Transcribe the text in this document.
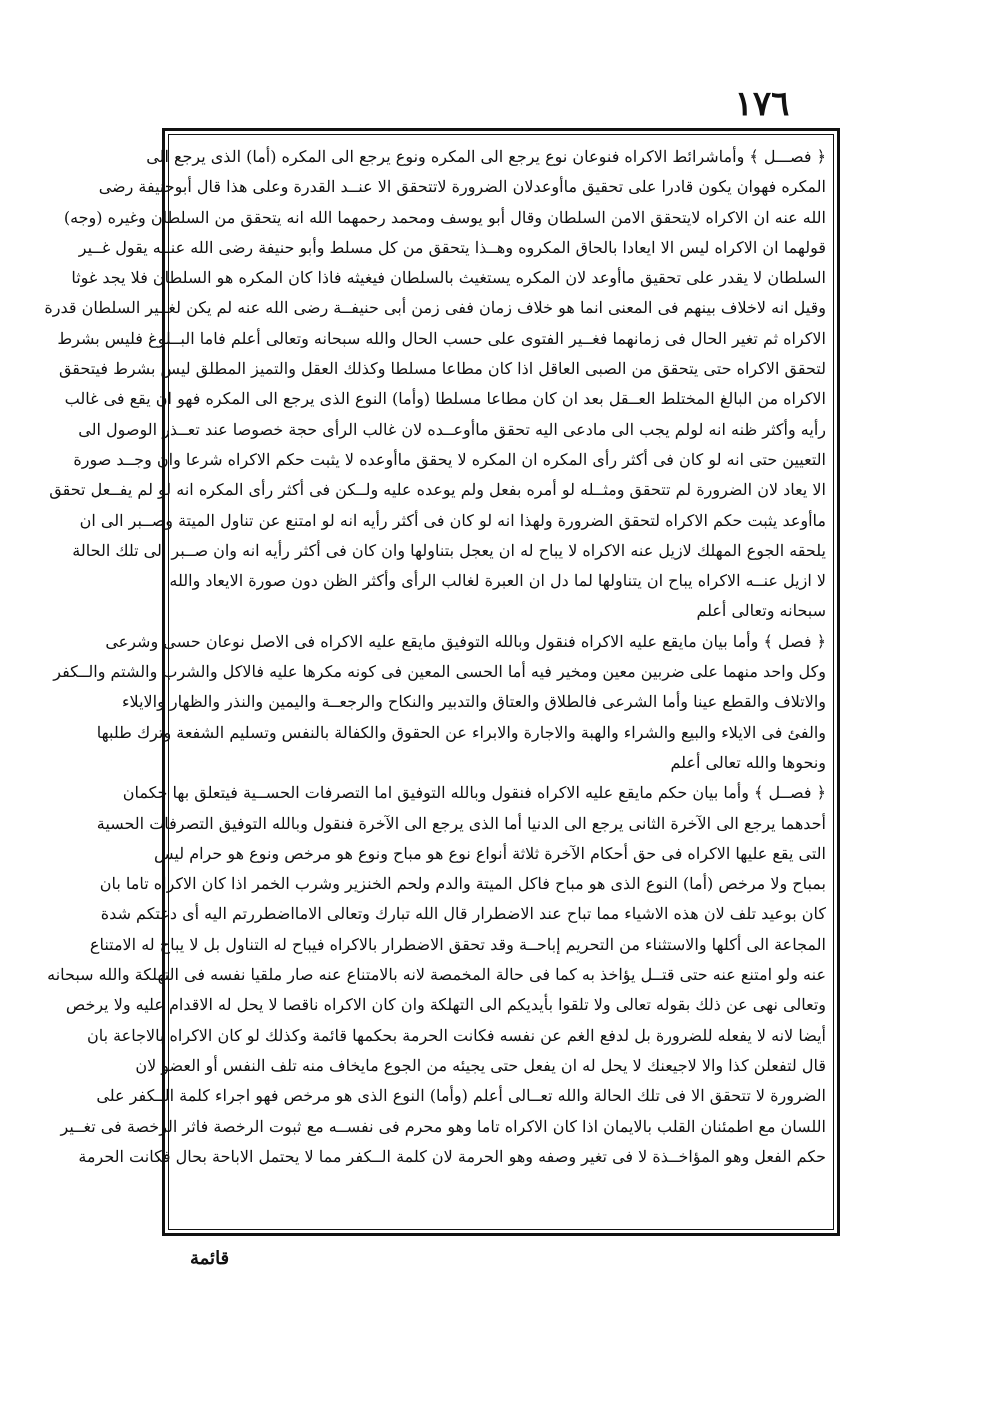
١٧٦
﴿ فصـــل ﴾ وأماشرائط الاكراه فنوعان نوع يرجع الى المكره ونوع يرجع الى المكره (أما) الذى يرجع الى
المكره فهوان يكون قادرا على تحقيق ماأوعدلان الضرورة لاتتحقق الا عنــد القدرة وعلى هذا قال أبوحنيفة رضى
الله عنه ان الاكراه لايتحقق الامن السلطان وقال أبو يوسف ومحمد رحمهما الله انه يتحقق من السلطان وغيره (وجه)
قولهما ان الاكراه ليس الا ايعادا بالحاق المكروه وهــذا يتحقق من كل مسلط وأبو حنيفة رضى الله عنــه يقول غــير
السلطان لا يقدر على تحقيق ماأوعد لان المكره يستغيث بالسلطان فيغيثه فاذا كان المكره هو السلطان فلا يجد غوثا
وقيل انه لاخلاف بينهم فى المعنى انما هو خلاف زمان ففى زمن أبى حنيفــة رضى الله عنه لم يكن لغــير السلطان قدرة
الاكراه ثم تغير الحال فى زمانهما فغــير الفتوى على حسب الحال والله سبحانه وتعالى أعلم فاما البــلوغ فليس بشرط
لتحقق الاكراه حتى يتحقق من الصبى العاقل اذا كان مطاعا مسلطا وكذلك العقل والتميز المطلق ليس بشرط فيتحقق
الاكراه من البالغ المختلط العــقل بعد ان كان مطاعا مسلطا (وأما) النوع الذى يرجع الى المكره فهو ان يقع فى غالب
رأيه وأكثر ظنه انه لولم يجب الى مادعى اليه تحقق ماأوعــده لان غالب الرأى حجة خصوصا عند تعــذر الوصول الى
التعيين حتى انه لو كان فى أكثر رأى المكره ان المكره لا يحقق ماأوعده لا يثبت حكم الاكراه شرعا وان وجــد صورة
الا يعاد لان الضرورة لم تتحقق ومثــله لو أمره بفعل ولم يوعده عليه ولــكن فى أكثر رأى المكره انه لو لم يفــعل تحقق
ماأوعد يثبت حكم الاكراه لتحقق الضرورة ولهذا انه لو كان فى أكثر رأيه انه لو امتنع عن تناول الميتة وصــبر الى ان
يلحقه الجوع المهلك لازيل عنه الاكراه لا يباح له ان يعجل بتناولها وان كان فى أكثر رأيه انه وان صــبر الى تلك الحالة
لا ازيل عنــه الاكراه يباح ان يتناولها لما دل ان العبرة لغالب الرأى وأكثر الظن دون صورة الايعاد والله
سبحانه وتعالى أعلم
﴿ فصل ﴾ وأما بيان مايقع عليه الاكراه فنقول وبالله التوفيق مايقع عليه الاكراه فى الاصل نوعان حسى وشرعى
وكل واحد منهما على ضربين معين ومخير فيه أما الحسى المعين فى كونه مكرها عليه فالاكل والشرب والشتم والــكفر
والاتلاف والقطع عينا وأما الشرعى فالطلاق والعتاق والتدبير والنكاح والرجعــة واليمين والنذر والظهار والايلاء
والفئ فى الايلاء والبيع والشراء والهبة والاجارة والابراء عن الحقوق والكفالة بالنفس وتسليم الشفعة وترك طلبها
ونحوها والله تعالى أعلم
﴿ فصــل ﴾ وأما بيان حكم مايقع عليه الاكراه فنقول وبالله التوفيق اما التصرفات الحســية فيتعلق بها حكمان
أحدهما يرجع الى الآخرة الثانى يرجع الى الدنيا أما الذى يرجع الى الآخرة فنقول وبالله التوفيق التصرفات الحسية
التى يقع عليها الاكراه فى حق أحكام الآخرة ثلاثة أنواع نوع هو مباح ونوع هو مرخص ونوع هو حرام ليس
بمباح ولا مرخص (أما) النوع الذى هو مباح فاكل الميتة والدم ولحم الخنزير وشرب الخمر اذا كان الاكراه تاما بان
كان بوعيد تلف لان هذه الاشياء مما تباح عند الاضطرار قال الله تبارك وتعالى الامااضطررتم اليه أى دعتكم شدة
المجاعة الى أكلها والاستثناء من التحريم إباحــة وقد تحقق الاضطرار بالاكراه فيباح له التناول بل لا يباح له الامتناع
عنه ولو امتنع عنه حتى قتــل يؤاخذ به كما فى حالة المخمصة لانه بالامتناع عنه صار ملقيا نفسه فى التهلكة والله سبحانه
وتعالى نهى عن ذلك بقوله تعالى ولا تلقوا بأيديكم الى التهلكة وان كان الاكراه ناقصا لا يحل له الاقدام عليه ولا يرخص
أيضا لانه لا يفعله للضرورة بل لدفع الغم عن نفسه فكانت الحرمة بحكمها قائمة وكذلك لو كان الاكراه بالاجاعة بان
قال لتفعلن كذا والا لاجيعنك لا يحل له ان يفعل حتى يجيئه من الجوع مايخاف منه تلف النفس أو العضو لان
الضرورة لا تتحقق الا فى تلك الحالة والله تعــالى أعلم (وأما) النوع الذى هو مرخص فهو اجراء كلمة الــكفر على
اللسان مع اطمئنان القلب بالايمان اذا كان الاكراه تاما وهو محرم فى نفســه مع ثبوت الرخصة فاثر الرخصة فى تغــير
حكم الفعل وهو المؤاخــذة لا فى تغير وصفه وهو الحرمة لان كلمة الــكفر مما لا يحتمل الاباحة بحال فكانت الحرمة
قائمة
